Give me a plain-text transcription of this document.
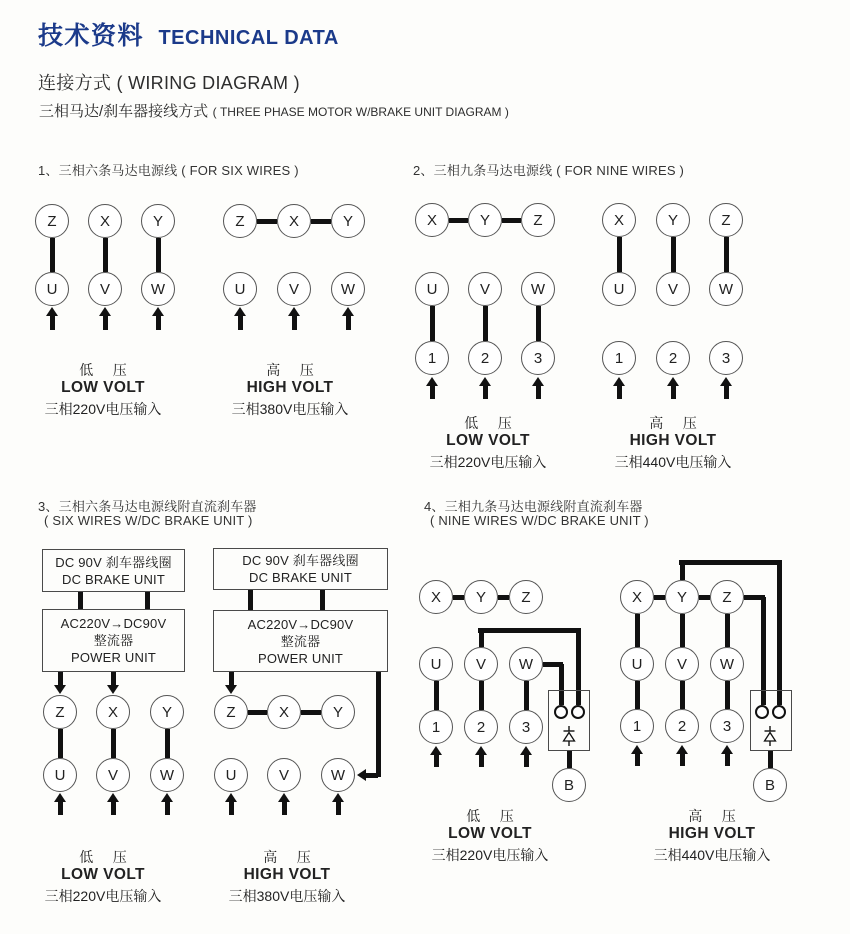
技术资料 TECHNICAL DATA
连接方式 ( WIRING DIAGRAM )
三相马达/刹车器接线方式 ( THREE PHASE MOTOR W/BRAKE UNIT DIAGRAM )
1、三相六条马达电源线 ( FOR SIX WIRES )	2、三相九条马达电源线 ( FOR NINE WIRES )
3、三相六条马达电源线附直流刹车器
( SIX WIRES W/DC BRAKE UNIT )
4、三相九条马达电源线附直流刹车器
( NINE WIRES W/DC BRAKE UNIT )
Z	X	Y
U	V	W
Z	X	Y
U	V	W
X	Y	Z
U	V	W
1	2	3
X	Y	Z
U	V	W
1	2	3
DC 90V 刹车器线圈
DC BRAKE UNIT
AC220V→DC90V
整流器
POWER UNIT
Z	X	Y
U	V	W
DC 90V 刹车器线圈
DC BRAKE UNIT
AC220V→DC90V
整流器
POWER UNIT
Z	X	Y
U	V	W
X	Y	Z
U	V	W
1	2	3
B
X	Y	Z
U	V	W
1	2	3
B
低     压
LOW VOLT
三相220V电压输入
高     压
HIGH VOLT
三相380V电压输入
低     压
LOW VOLT
三相220V电压输入
高     压
HIGH VOLT
三相440V电压输入
低     压
LOW VOLT
三相220V电压输入
高     压
HIGH VOLT
三相380V电压输入
低     压
LOW VOLT
三相220V电压输入
高     压
HIGH VOLT
三相440V电压输入
